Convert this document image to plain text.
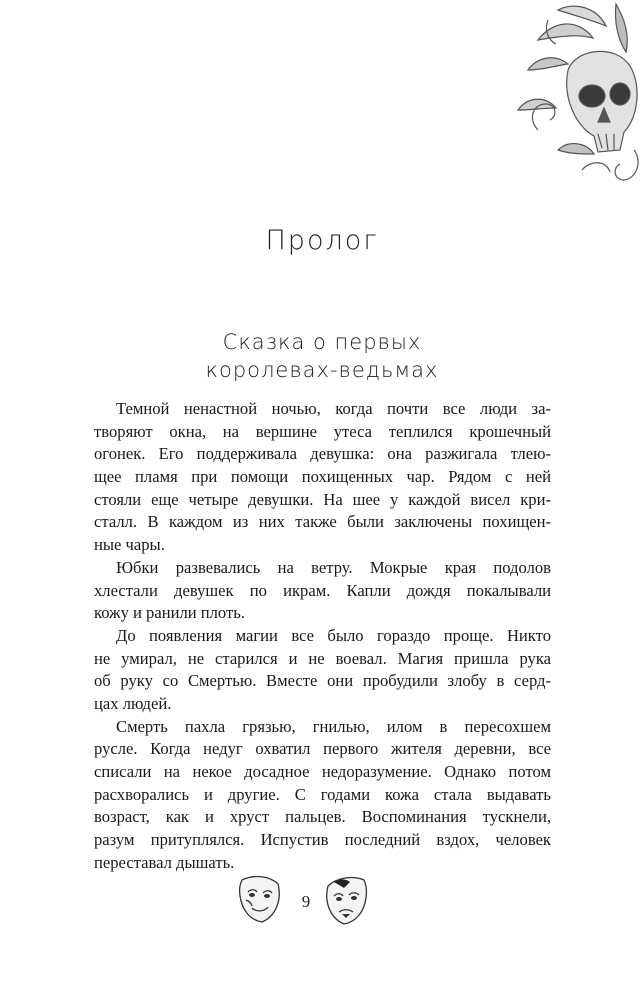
Пролог
Сказка о первых
королевах-ведьмах
Темной ненастной ночью, когда почти все люди за-
творяют окна, на вершине утеса теплился крошечный
огонек. Его поддерживала девушка: она разжигала тлею-
щее пламя при помощи похищенных чар. Рядом с ней
стояли еще четыре девушки. На шее у каждой висел кри-
сталл. В каждом из них также были заключены похищен-
ные чары.
Юбки развевались на ветру. Мокрые края подолов
хлестали девушек по икрам. Капли дождя покалывали
кожу и ранили плоть.
До появления магии все было гораздо проще. Никто
не умирал, не старился и не воевал. Магия пришла рука
об руку со Смертью. Вместе они пробудили злобу в серд-
цах людей.
Смерть пахла грязью, гнилью, илом в пересохшем
русле. Когда недуг охватил первого жителя деревни, все
списали на некое досадное недоразумение. Однако потом
расхворались и другие. С годами кожа стала выдавать
возраст, как и хруст пальцев. Воспоминания тускнели,
разум притуплялся. Испустив последний вздох, человек
переставал дышать.
9
